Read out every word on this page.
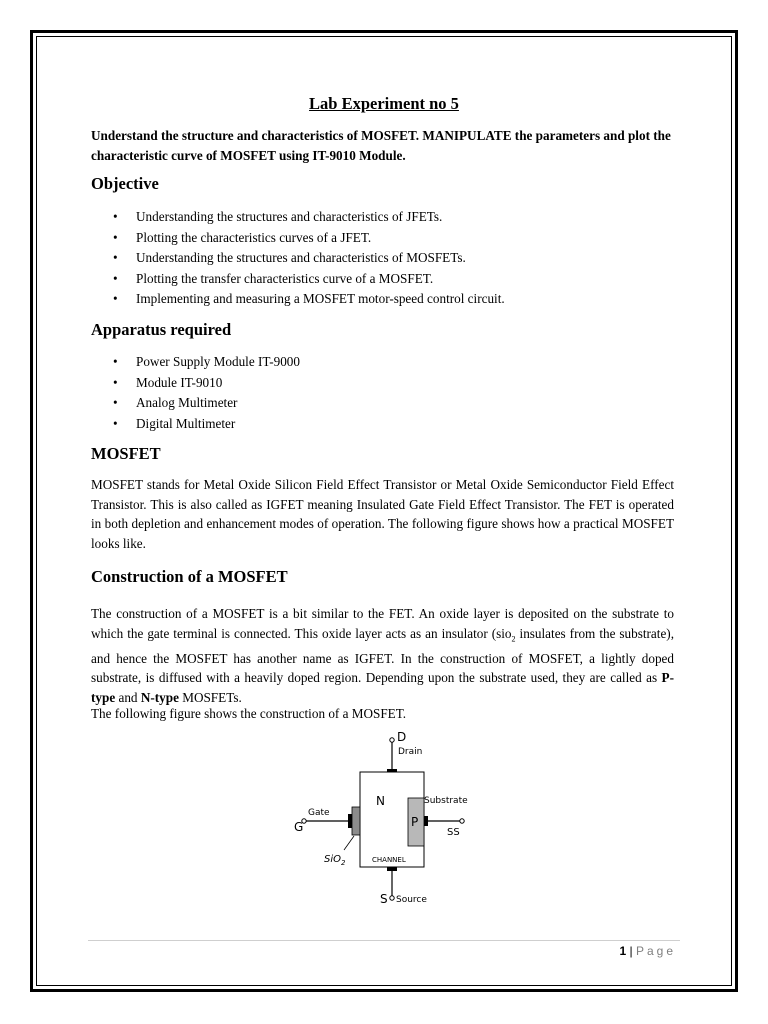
Lab Experiment no 5
Understand the structure and characteristics of MOSFET. MANIPULATE the parameters and plot the characteristic curve of MOSFET using IT-9010 Module.
Objective
• Understanding the structures and characteristics of JFETs.
• Plotting the characteristics curves of a JFET.
• Understanding the structures and characteristics of MOSFETs.
• Plotting the transfer characteristics curve of a MOSFET.
• Implementing and measuring a MOSFET motor-speed control circuit.
Apparatus required
• Power Supply Module IT-9000
• Module IT-9010
• Analog Multimeter
• Digital Multimeter
MOSFET
MOSFET stands for Metal Oxide Silicon Field Effect Transistor or Metal Oxide Semiconductor Field Effect Transistor. This is also called as IGFET meaning Insulated Gate Field Effect Transistor. The FET is operated in both depletion and enhancement modes of operation. The following figure shows how a practical MOSFET looks like.
Construction of a MOSFET
The construction of a MOSFET is a bit similar to the FET. An oxide layer is deposited on the substrate to which the gate terminal is connected. This oxide layer acts as an insulator (sio$_2$ insulates from the substrate), and hence the MOSFET has another name as IGFET. In the construction of MOSFET, a lightly doped substrate, is diffused with a heavily doped region. Depending upon the substrate used, they are called as P-type and N-type MOSFETs.
The following figure shows the construction of a MOSFET.
D
Drain
N
Gate
G	P
Substrate
SS
SiO$_2$	CHANNEL
S Source
1 | Page
